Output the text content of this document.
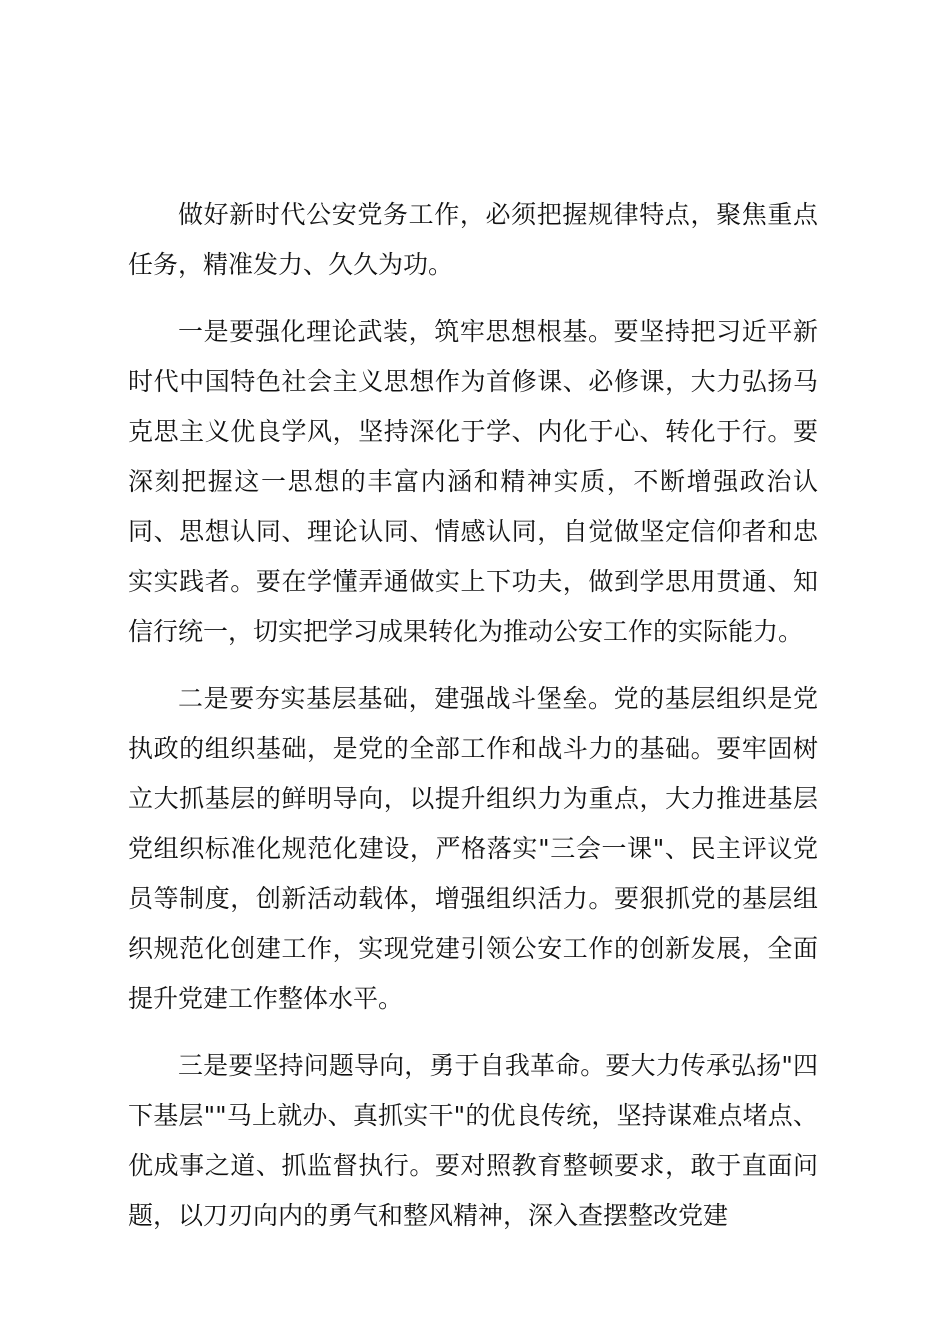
做好新时代公安党务工作，必须把握规律特点，聚焦重点任务，精准发力、久久为功。

一是要强化理论武装，筑牢思想根基。要坚持把习近平新时代中国特色社会主义思想作为首修课、必修课，大力弘扬马克思主义优良学风，坚持深化于学、内化于心、转化于行。要深刻把握这一思想的丰富内涵和精神实质，不断增强政治认同、思想认同、理论认同、情感认同，自觉做坚定信仰者和忠实实践者。要在学懂弄通做实上下功夫，做到学思用贯通、知信行统一，切实把学习成果转化为推动公安工作的实际能力。

二是要夯实基层基础，建强战斗堡垒。党的基层组织是党执政的组织基础，是党的全部工作和战斗力的基础。要牢固树立大抓基层的鲜明导向，以提升组织力为重点，大力推进基层党组织标准化规范化建设，严格落实"三会一课"、民主评议党员等制度，创新活动载体，增强组织活力。要狠抓党的基层组织规范化创建工作，实现党建引领公安工作的创新发展，全面提升党建工作整体水平。

三是要坚持问题导向，勇于自我革命。要大力传承弘扬"四下基层""马上就办、真抓实干"的优良传统，坚持谋难点堵点、优成事之道、抓监督执行。要对照教育整顿要求，敢于直面问题，以刀刃向内的勇气和整风精神，深入查摆整改党建
